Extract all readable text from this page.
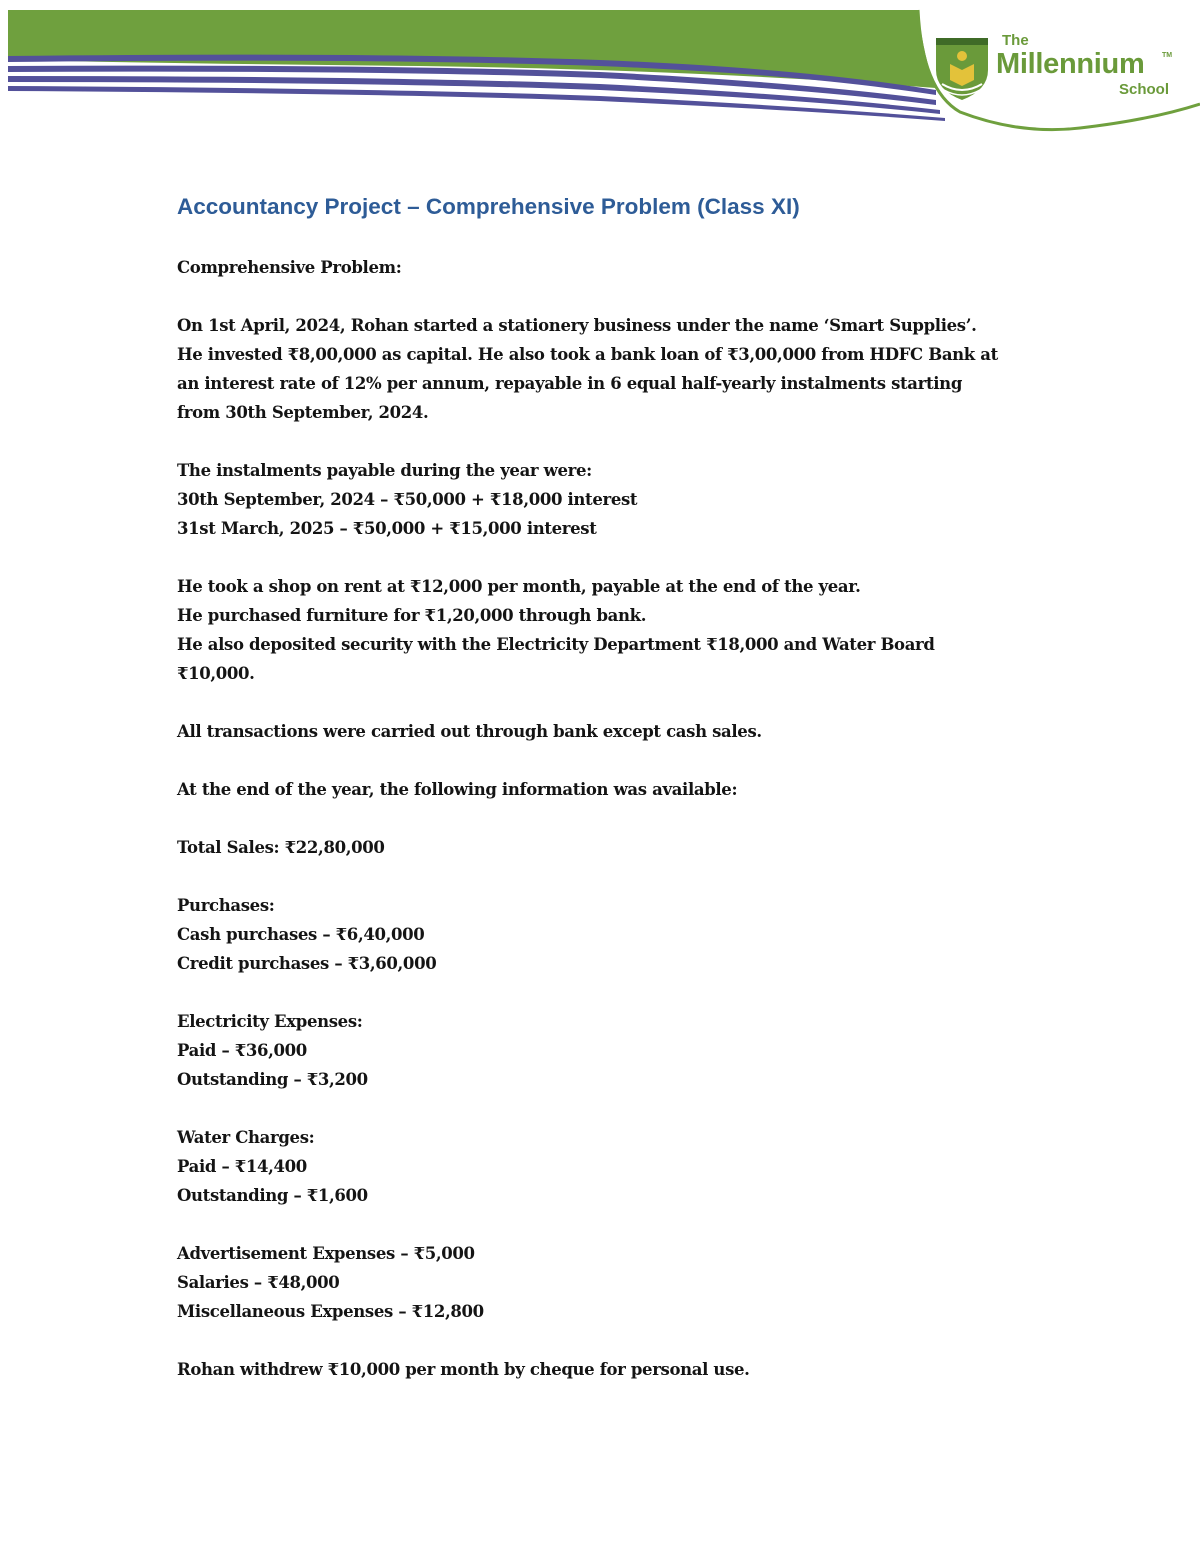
The
Millennium	TM
School
Accountancy Project – Comprehensive Problem (Class XI)
Comprehensive Problem:
On 1st April, 2024, Rohan started a stationery business under the name ‘Smart Supplies’.
He invested ₹8,00,000 as capital. He also took a bank loan of ₹3,00,000 from HDFC Bank at
an interest rate of 12% per annum, repayable in 6 equal half-yearly instalments starting
from 30th September, 2024.
The instalments payable during the year were:
30th September, 2024 – ₹50,000 + ₹18,000 interest
31st March, 2025 – ₹50,000 + ₹15,000 interest
He took a shop on rent at ₹12,000 per month, payable at the end of the year.
He purchased furniture for ₹1,20,000 through bank.
He also deposited security with the Electricity Department ₹18,000 and Water Board
₹10,000.
All transactions were carried out through bank except cash sales.
At the end of the year, the following information was available:
Total Sales: ₹22,80,000
Purchases:
Cash purchases – ₹6,40,000
Credit purchases – ₹3,60,000
Electricity Expenses:
Paid – ₹36,000
Outstanding – ₹3,200
Water Charges:
Paid – ₹14,400
Outstanding – ₹1,600
Advertisement Expenses – ₹5,000
Salaries – ₹48,000
Miscellaneous Expenses – ₹12,800
Rohan withdrew ₹10,000 per month by cheque for personal use.
